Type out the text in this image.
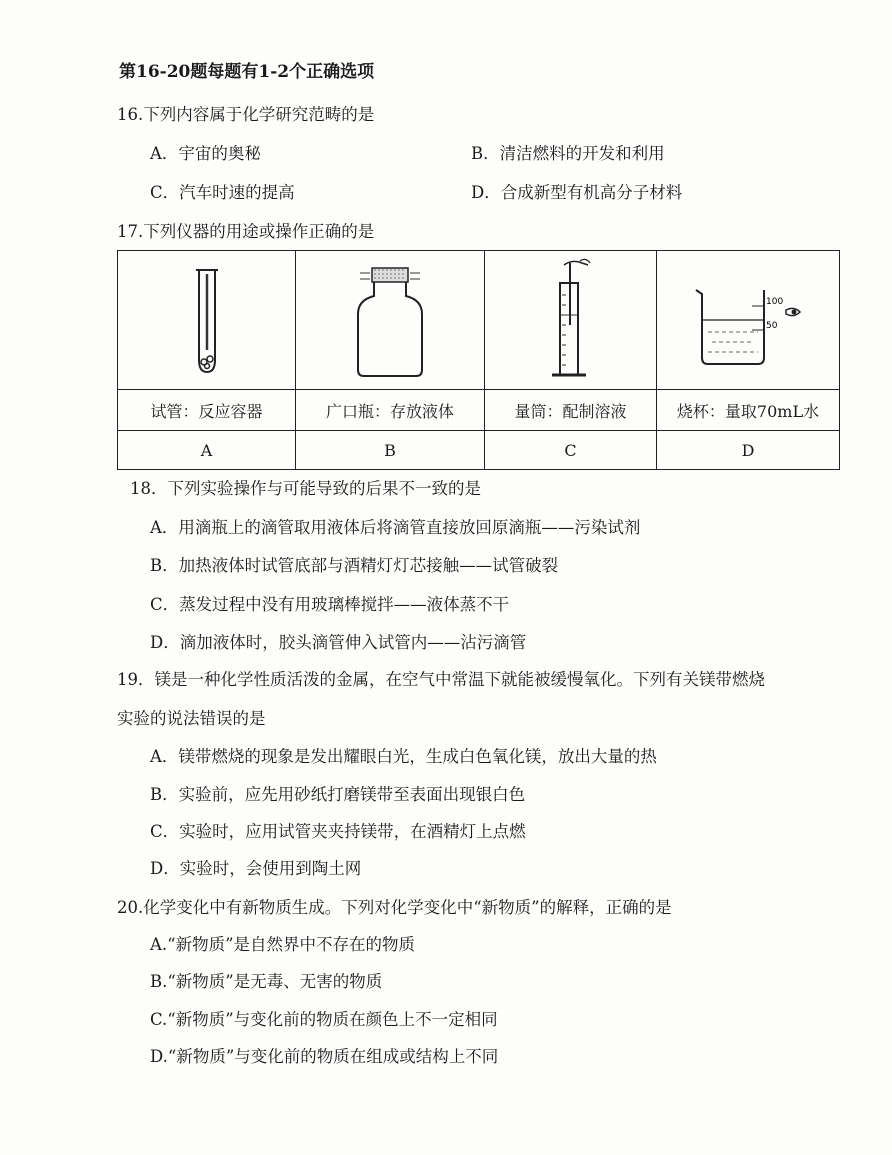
第16-20题每题有1-2个正确选项
16.下列内容属于化学研究范畴的是
A．宇宙的奥秘	B．清洁燃料的开发和利用
C．汽车时速的提高	D．合成新型有机高分子材料
17.下列仪器的用途或操作正确的是

100
50

试管：反应容器	广口瓶：存放液体	量筒：配制溶液	烧杯：量取70mL水
A	B	C	D
18．下列实验操作与可能导致的后果不一致的是
A．用滴瓶上的滴管取用液体后将滴管直接放回原滴瓶——污染试剂
B．加热液体时试管底部与酒精灯灯芯接触——试管破裂
C．蒸发过程中没有用玻璃棒搅拌——液体蒸不干
D．滴加液体时，胶头滴管伸入试管内——沾污滴管
19．镁是一种化学性质活泼的金属，在空气中常温下就能被缓慢氧化。下列有关镁带燃烧
实验的说法错误的是
A．镁带燃烧的现象是发出耀眼白光，生成白色氧化镁，放出大量的热
B．实验前，应先用砂纸打磨镁带至表面出现银白色
C．实验时，应用试管夹夹持镁带，在酒精灯上点燃
D．实验时，会使用到陶土网
20.化学变化中有新物质生成。下列对化学变化中“新物质”的解释，正确的是
A.“新物质”是自然界中不存在的物质
B.“新物质”是无毒、无害的物质
C.“新物质”与变化前的物质在颜色上不一定相同
D.“新物质”与变化前的物质在组成或结构上不同
